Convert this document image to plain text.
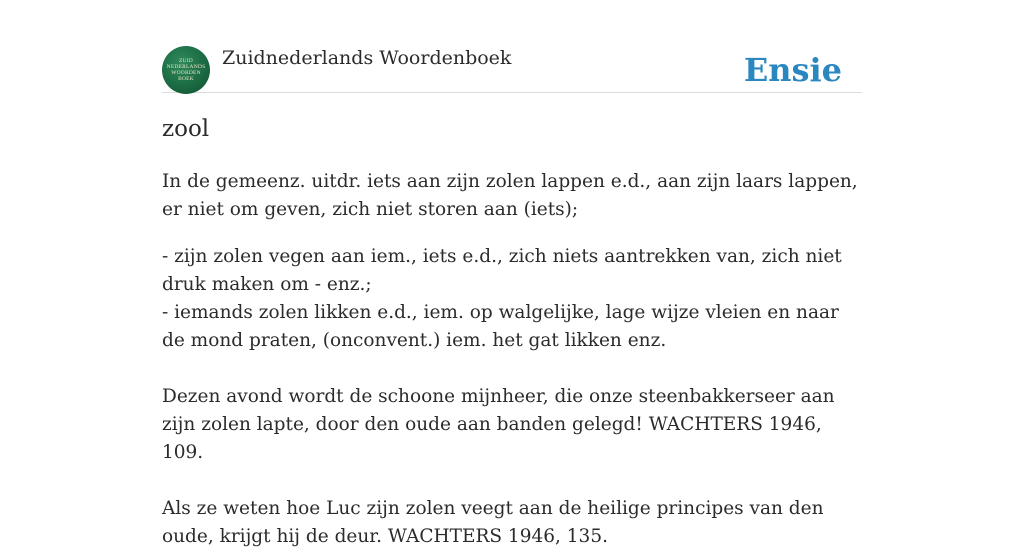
ZUID
NEDERLANDS
WOORDEN
BOEK
Zuidnederlands Woordenboek	Ensie
zool

In de gemeenz. uitdr. iets aan zijn zolen lappen e.d., aan zijn laars lappen, er niet om geven, zich niet storen aan (iets);

- zijn zolen vegen aan iem., iets e.d., zich niets aantrekken van, zich niet druk maken om - enz.;

- iemands zolen likken e.d., iem. op walgelijke, lage wijze vleien en naar de mond praten, (onconvent.) iem. het gat likken enz.

Dezen avond wordt de schoone mijnheer, die onze steenbakkerseer aan zijn zolen lapte, door den oude aan banden gelegd! WACHTERS 1946, 109.

Als ze weten hoe Luc zijn zolen veegt aan de heilige principes van den oude, krijgt hij de deur. WACHTERS 1946, 135.
